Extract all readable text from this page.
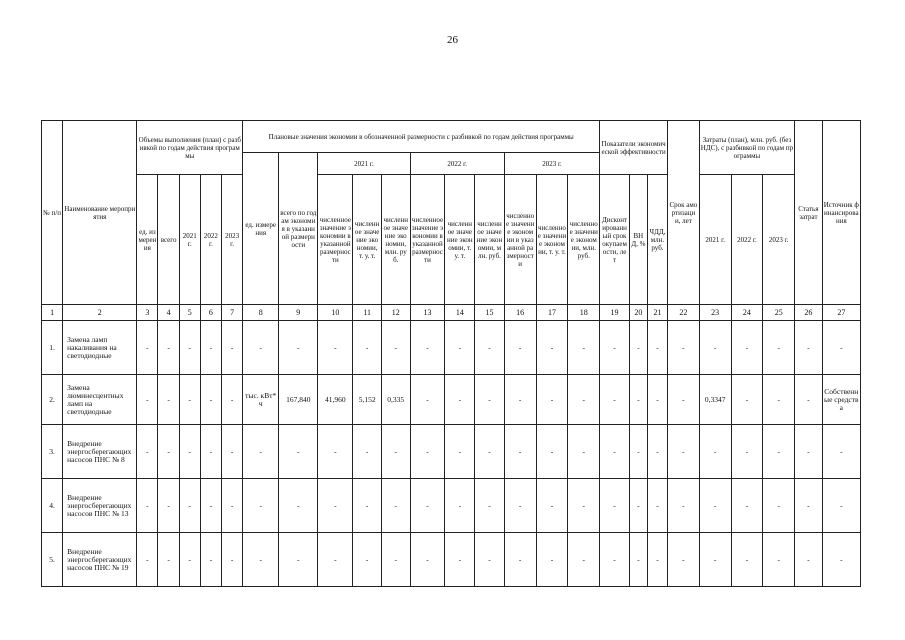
26
№ п/п	Наименование мероприятия	Объемы выполнения (план) с разбивкой по годам действия программы					Плановые значения экономии в обозначенной размерности с разбивкой по годам действия программы											Показатели экономической эффективности			Срок амортизации, лет	Затраты (план), млн. руб. (без НДС), с разбивкой по годам программы			Статья затрат	Источник финансирования
							ед. измерения	всего по годам экономия в указанной размерности	2021 г.			2022 г.			2023 г.											
		ед. измерения	всего	2021 г.	2022 г.	2023 г.			численное значение экономии в указанной размерности	численное значение экономии, т. у. т.	численное значение экономии, млн. руб.	численное значение экономии в указанной размерности	численное значение экономии, т. у. т.	численное значение экономии, млн. руб.	численное значение экономии в указанной размерности	численное значение экономии, т. у. т.	численное значение экономии, млн. руб.	Дисконтированный срок окупаемости, лет	ВНД, %	ЧДД, млн. руб.		2021 г.	2022 г.	2023 г.		

1	2	3	4	5	6	7	8	9	10	11	12	13	14	15	16	17	18	19	20	21	22	23	24	25	26	27
1.	Замена ламп накаливания на светодиодные	-	-	-	-	-	-	-	-	-	-	-	-	-	-	-	-	-	-	-	-	-	-	-	-	-
2.	Замена люминесцентных ламп на светодиодные	-	-	-	-	-	тыс. кВт*ч	167,840	41,960	5,152	0,335	-	-	-	-	-	-	-	-	-	-	0,3347	-	-	-	Собственные средства
3.	Внедрение энергосберегающих насосов ПНС № 8	-	-	-	-	-	-	-	-	-	-	-	-	-	-	-	-	-	-	-	-	-	-	-	-	-
4.	Внедрение энергосберегающих насосов ПНС № 13	-	-	-	-	-	-	-	-	-	-	-	-	-	-	-	-	-	-	-	-	-	-	-	-	-
5.	Внедрение энергосберегающих насосов ПНС № 19	-	-	-	-	-	-	-	-	-	-	-	-	-	-	-	-	-	-	-	-	-	-	-	-	-
